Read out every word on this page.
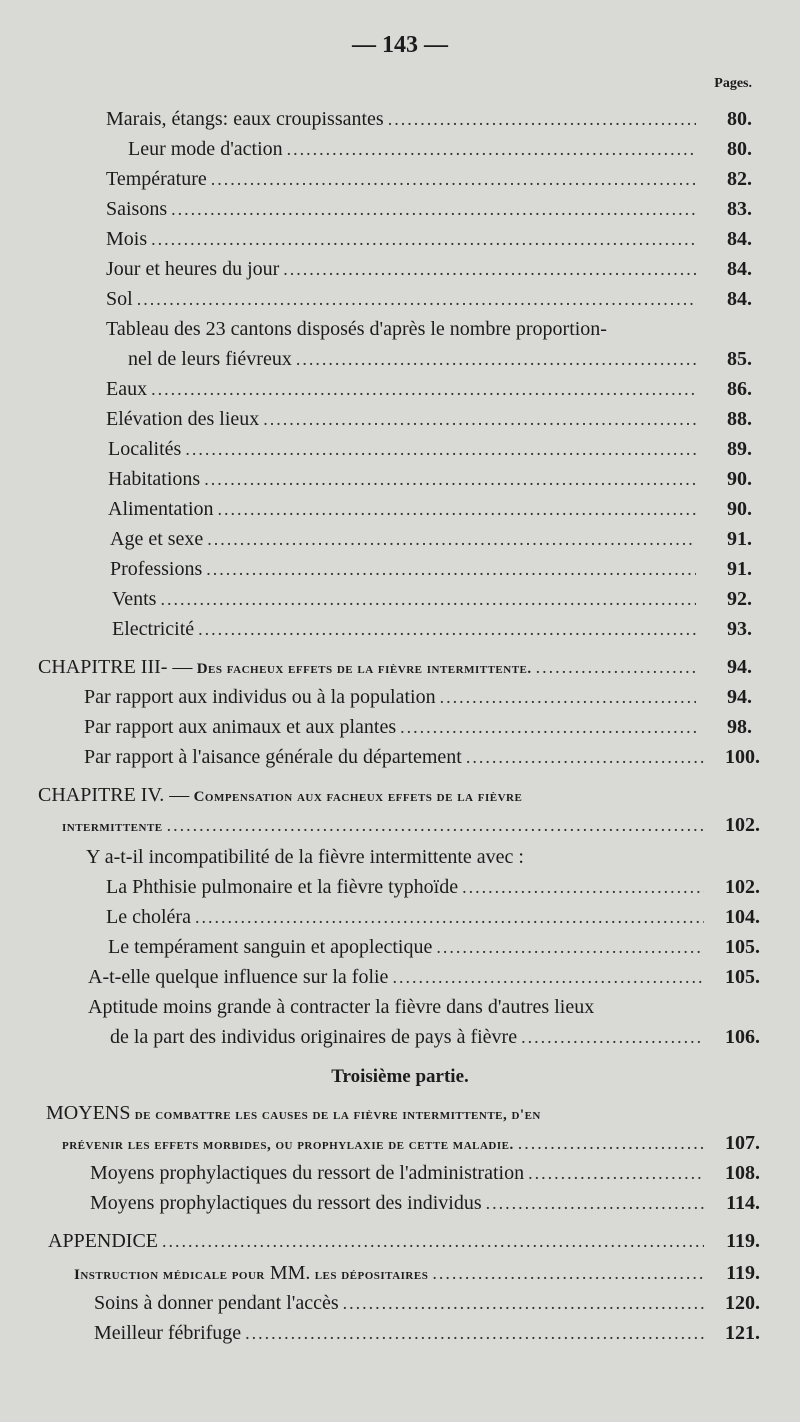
— 143 —
Pages.
Marais, étangs: eaux croupissantes .....	80.
Leur mode d'action .....	80.
Température .....	82.
Saisons .....	83.
Mois .....	84.
Jour et heures du jour .....	84.
Sol .....	84.
Tableau des 23 cantons disposés d'après le nombre proportion-
nel de leurs fiévreux .....	85.
Eaux .....	86.
Elévation des lieux .....	88.
Localités .....	89.
Habitations .....	90.
Alimentation .....	90.
Age et sexe .....	91.
Professions .....	91.
Vents .....	92.
Electricité .....	93.
CHAPITRE III- — Des facheux effets de la fièvre intermittente. .....	94.
Par rapport aux individus ou à la population .....	94.
Par rapport aux animaux et aux plantes .....	98.
Par rapport à l'aisance générale du département .....	100.
CHAPITRE IV. — Compensation aux facheux effets de la fièvre
intermittente .....	102.
Y a-t-il incompatibilité de la fièvre intermittente avec :
La Phthisie pulmonaire et la fièvre typhoïde .....	102.
Le choléra .....	104.
Le tempérament sanguin et apoplectique .....	105.
A-t-elle quelque influence sur la folie .....	105.
Aptitude moins grande à contracter la fièvre dans d'autres lieux
de la part des individus originaires de pays à fièvre .....	106.
MOYENS de combattre les causes de la fièvre intermittente, d'en
prévenir les effets morbides, ou prophylaxie de cette maladie. .....	107.
Moyens prophylactiques du ressort de l'administration .....	108.
Moyens prophylactiques du ressort des individus .....	114.
APPENDICE .....	119.
Instruction médicale pour MM. les dépositaires .....	119.
Soins à donner pendant l'accès .....	120.
Meilleur fébrifuge .....	121.
Troisième partie.
